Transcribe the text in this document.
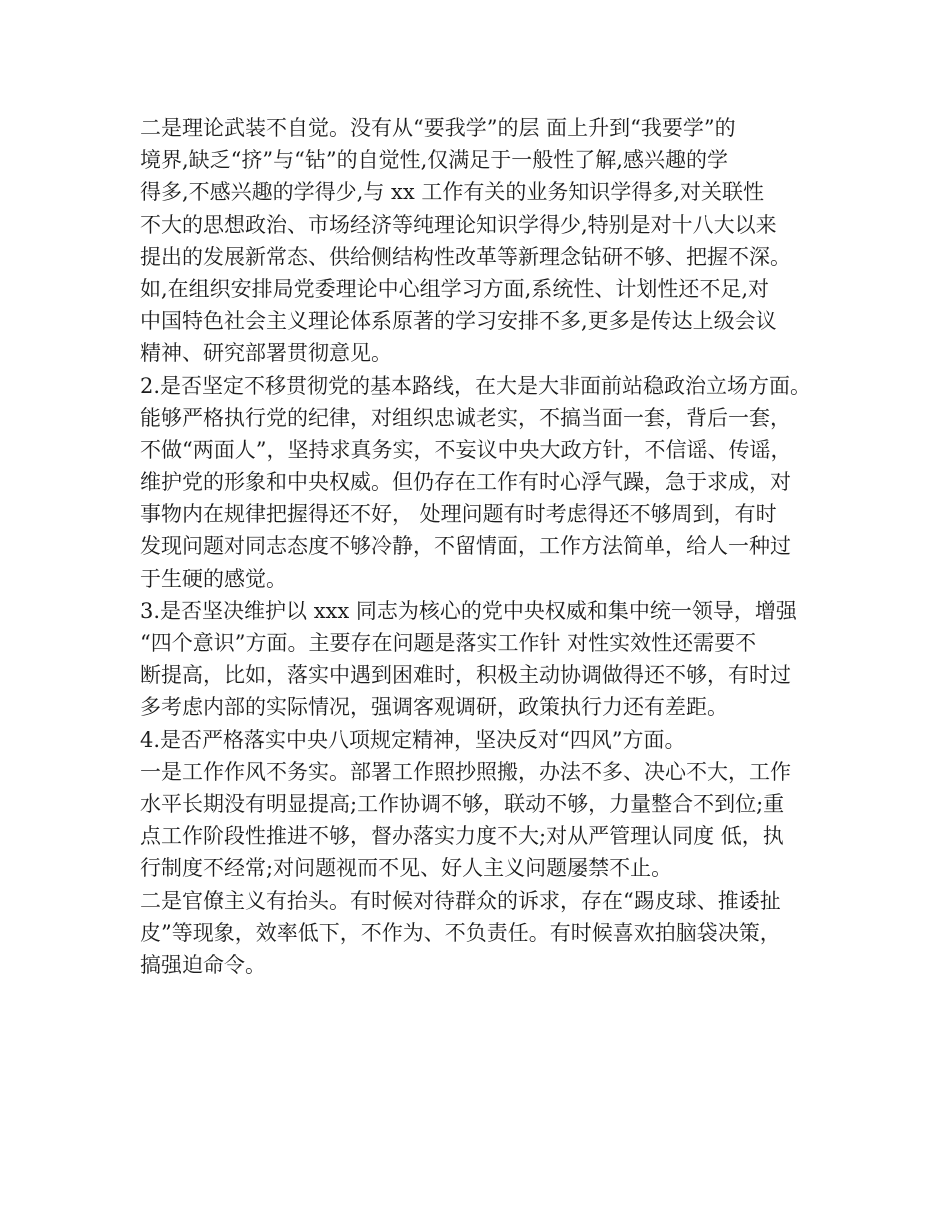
二是理论武装不自觉。没有从“要我学”的层 面上升到“我要学”的
境界,缺乏“挤”与“钻”的自觉性,仅满足于一般性了解,感兴趣的学
得多,不感兴趣的学得少,与 xx 工作有关的业务知识学得多,对关联性
不大的思想政治、市场经济等纯理论知识学得少,特别是对十八大以来
提出的发展新常态、供给侧结构性改革等新理念钻研不够、把握不深。
如,在组织安排局党委理论中心组学习方面,系统性、计划性还不足,对
中国特色社会主义理论体系原著的学习安排不多,更多是传达上级会议
精神、研究部署贯彻意见。
2.是否坚定不移贯彻党的基本路线，在大是大非面前站稳政治立场方面。
能够严格执行党的纪律，对组织忠诚老实，不搞当面一套，背后一套，
不做“两面人”，坚持求真务实，不妄议中央大政方针，不信谣、传谣，
维护党的形象和中央权威。但仍存在工作有时心浮气躁，急于求成，对
事物内在规律把握得还不好， 处理问题有时考虑得还不够周到，有时
发现问题对同志态度不够冷静，不留情面，工作方法简单，给人一种过
于生硬的感觉。
3.是否坚决维护以 xxx 同志为核心的党中央权威和集中统一领导，增强
“四个意识”方面。主要存在问题是落实工作针 对性实效性还需要不
断提高，比如，落实中遇到困难时，积极主动协调做得还不够，有时过
多考虑内部的实际情况，强调客观调研，政策执行力还有差距。
4.是否严格落实中央八项规定精神，坚决反对“四风”方面。
一是工作作风不务实。部署工作照抄照搬，办法不多、决心不大，工作
水平长期没有明显提高;工作协调不够，联动不够，力量整合不到位;重
点工作阶段性推进不够，督办落实力度不大;对从严管理认同度 低，执
行制度不经常;对问题视而不见、好人主义问题屡禁不止。
二是官僚主义有抬头。有时候对待群众的诉求，存在“踢皮球、推诿扯
皮”等现象，效率低下，不作为、不负责任。有时候喜欢拍脑袋决策，
搞强迫命令。
